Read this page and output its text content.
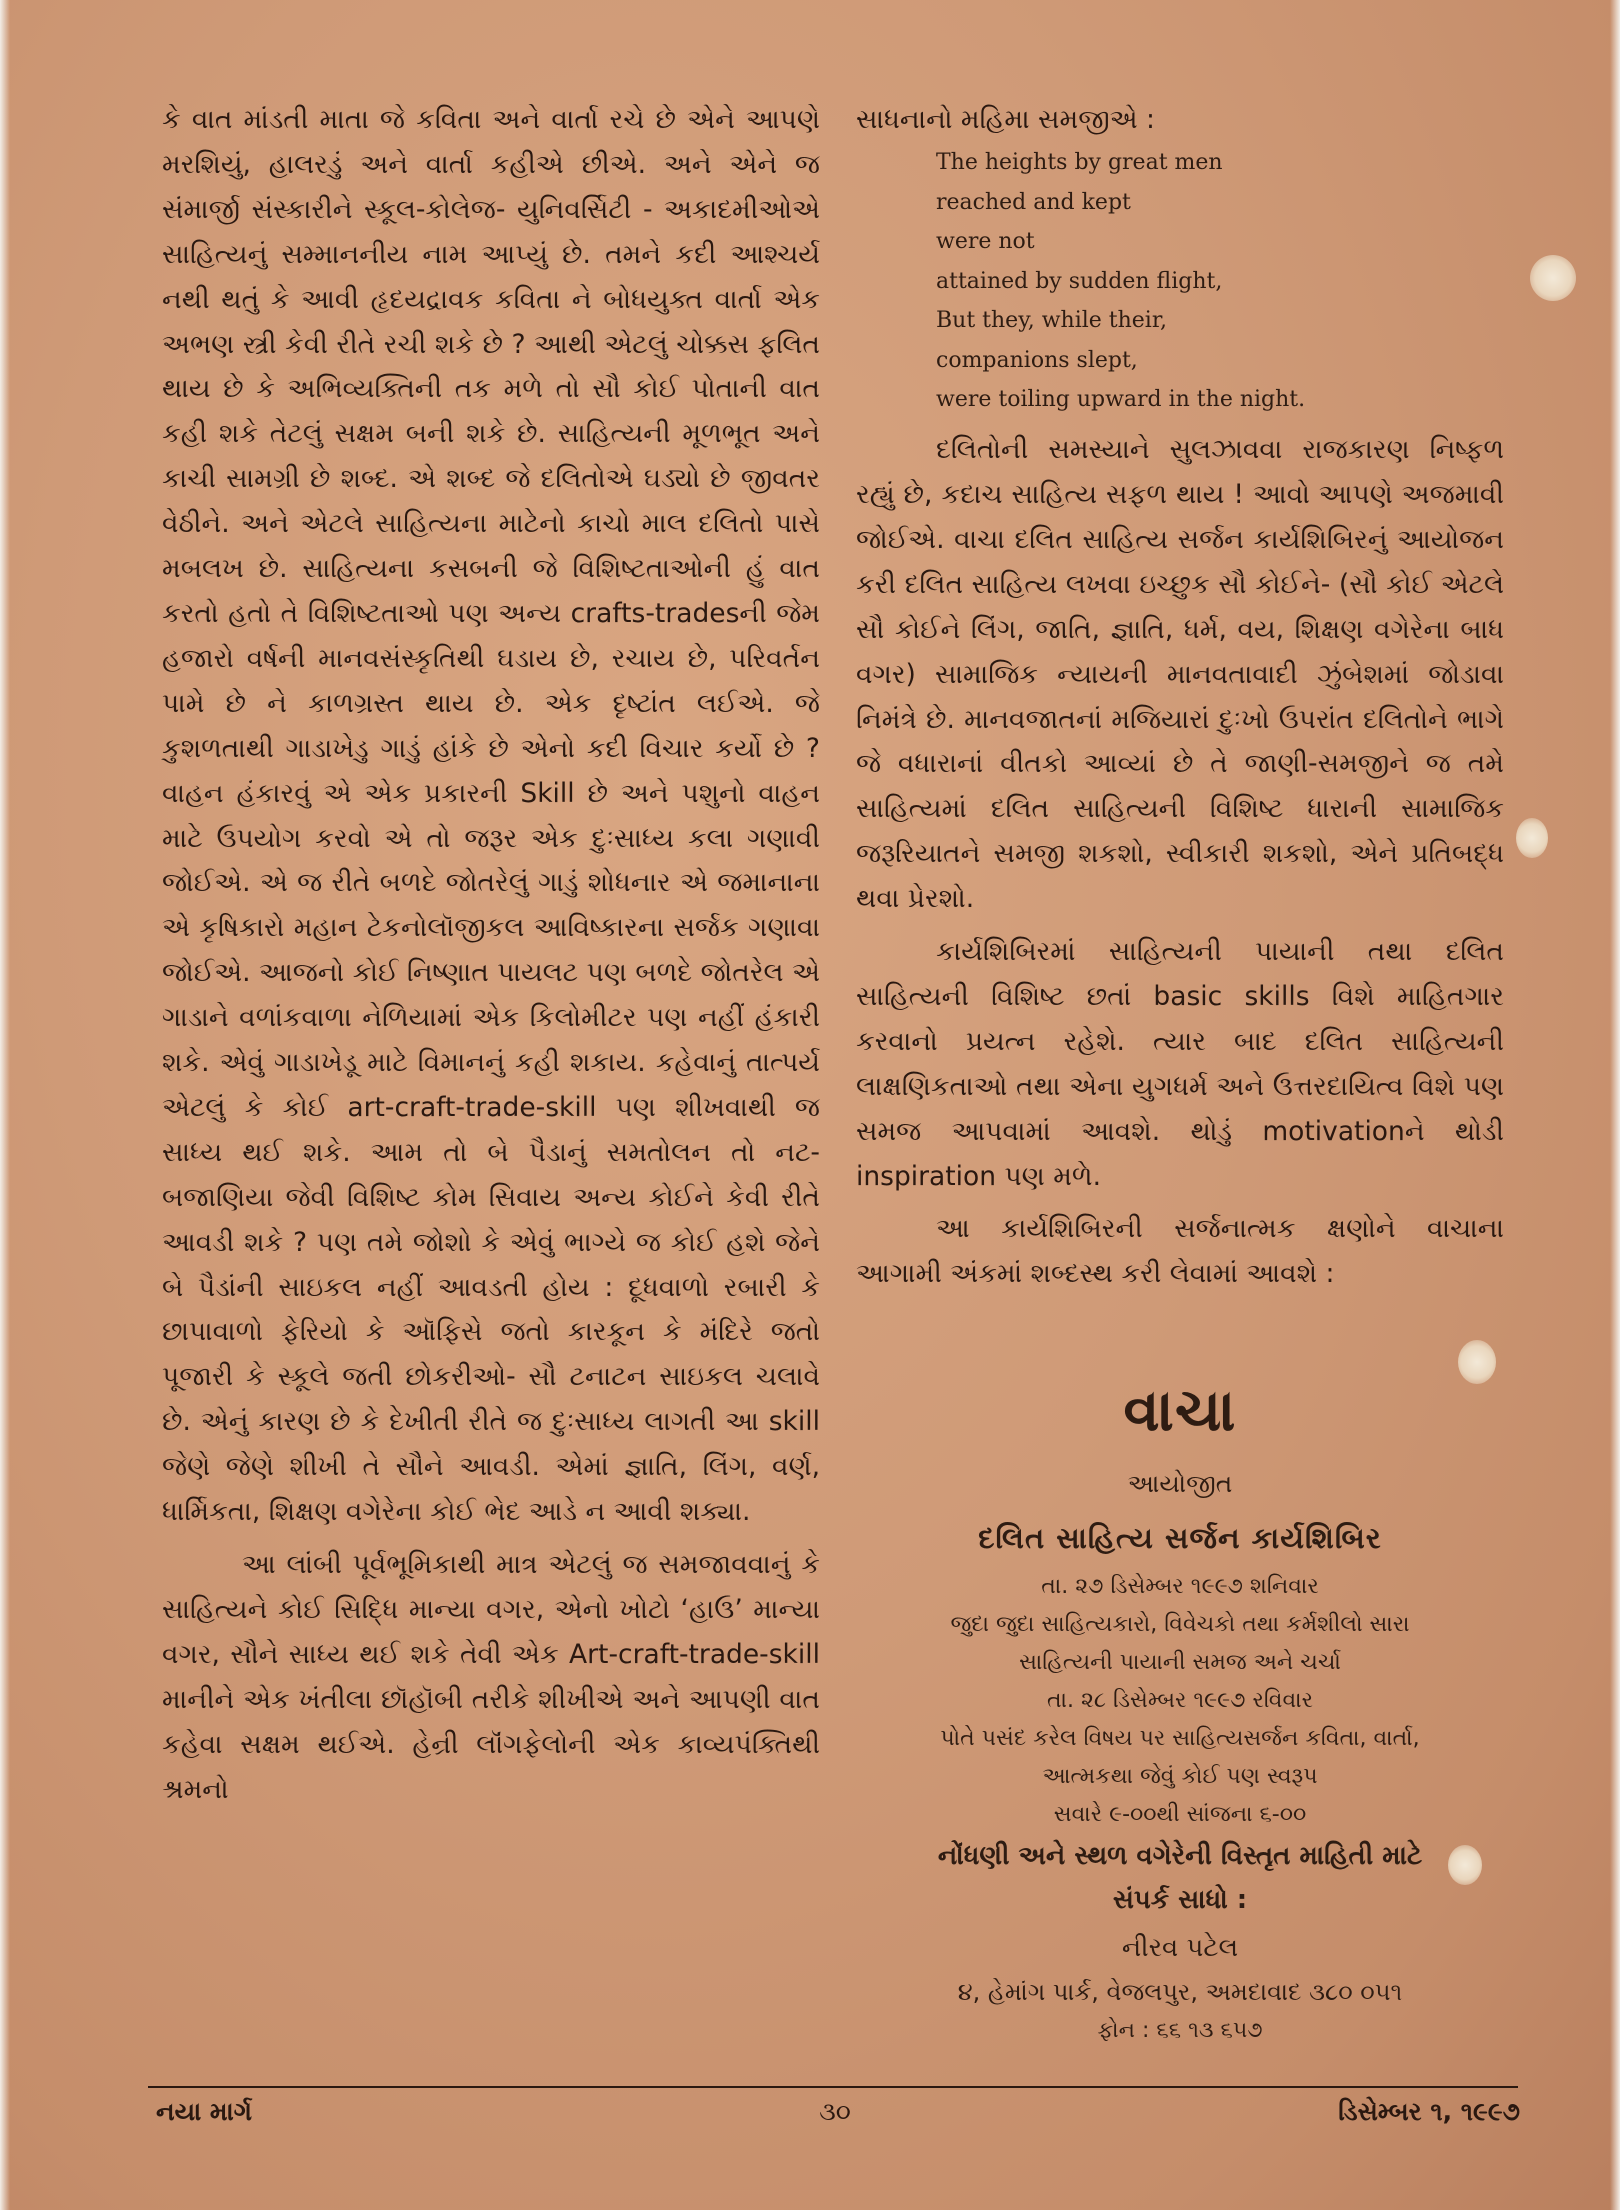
કે વાત માંડતી માતા જે કવિતા અને વાર્તા રચે છે એને આપણે મરશિયું, હાલરડું અને વાર્તા કહીએ છીએ. અને એને જ સંમાર્જી સંસ્કારીને સ્કૂલ-કોલેજ- યુનિવર્સિટી - અકાદમીઓએ સાહિત્યનું સમ્માનનીય નામ આપ્યું છે. તમને કદી આશ્ચર્ય નથી થતું કે આવી હૃદયદ્રાવક કવિતા ને બોધયુક્ત વાર્તા એક અભણ સ્ત્રી કેવી રીતે રચી શકે છે ? આથી એટલું ચોક્કસ ફલિત થાય છે કે અભિવ્યક્તિની તક મળે તો સૌ કોઈ પોતાની વાત કહી શકે તેટલું સક્ષમ બની શકે છે. સાહિત્યની મૂળભૂત અને કાચી સામગ્રી છે શબ્દ. એ શબ્દ જે દલિતોએ ઘડ્યો છે જીવતર વેઠીને. અને એટલે સાહિત્યના માટેનો કાચો માલ દલિતો પાસે મબલખ છે. સાહિત્યના કસબની જે વિશિષ્ટતાઓની હું વાત કરતો હતો તે વિશિષ્ટતાઓ પણ અન્ય crafts-tradesની જેમ હજારો વર્ષની માનવસંસ્કૃતિથી ઘડાય છે, રચાય છે, પરિવર્તન પામે છે ને કાળગ્રસ્ત થાય છે. એક દૃષ્ટાંત લઈએ. જે કુશળતાથી ગાડાખેડુ ગાડું હાંકે છે એનો કદી વિચાર કર્યો છે ? વાહન હંકારવું એ એક પ્રકારની Skill છે અને પશુનો વાહન માટે ઉપયોગ કરવો એ તો જરૂર એક દુઃસાધ્ય કલા ગણાવી જોઈએ. એ જ રીતે બળદે જોતરેલું ગાડું શોધનાર એ જમાનાના એ કૃષિકારો મહાન ટેકનોલૉજીકલ આવિષ્કારના સર્જક ગણાવા જોઈએ. આજનો કોઈ નિષ્ણાત પાયલટ પણ બળદે જોતરેલ એ ગાડાને વળાંકવાળા નેળિયામાં એક કિલોમીટર પણ નહીં હંકારી શકે. એવું ગાડાખેડૂ માટે વિમાનનું કહી શકાય. કહેવાનું તાત્પર્ય એટલું કે કોઈ art-craft-trade-skill પણ શીખવાથી જ સાધ્ય થઈ શકે. આમ તો બે પૈડાનું સમતોલન તો નટ-બજાણિયા જેવી વિશિષ્ટ કોમ સિવાય અન્ય કોઈને કેવી રીતે આવડી શકે ? પણ તમે જોશો કે એવું ભાગ્યે જ કોઈ હશે જેને બે પૈડાંની સાઇકલ નહીં આવડતી હોય : દૂધવાળો રબારી કે છાપાવાળો ફેરિયો કે ઑફિસે જતો કારકૂન કે મંદિરે જતો પૂજારી કે સ્કૂલે જતી છોકરીઓ- સૌ ટનાટન સાઇકલ ચલાવે છે. એનું કારણ છે કે દેખીતી રીતે જ દુઃસાધ્ય લાગતી આ skill જેણે જેણે શીખી તે સૌને આવડી. એમાં જ્ઞાતિ, લિંગ, વર્ણ, ધાર્મિકતા, શિક્ષણ વગેરેના કોઈ ભેદ આડે ન આવી શક્યા.

આ લાંબી પૂર્વભૂમિકાથી માત્ર એટલું જ સમજાવવાનું કે સાહિત્યને કોઈ સિદ્ધિ માન્યા વગર, એનો ખોટો ‘હાઉ’ માન્યા વગર, સૌને સાધ્ય થઈ શકે તેવી એક Art-craft-trade-skill માનીને એક ખંતીલા છૉહૉબી તરીકે શીખીએ અને આપણી વાત કહેવા સક્ષમ થઈએ. હેન્રી લૉંગફેલોની એક કાવ્યપંક્તિથી શ્રમનો

સાધનાનો મહિમા સમજીએ :

The heights by great men
reached and kept
were not
attained by sudden flight,
But they, while their,
companions slept,
were toiling upward in the night.

દલિતોની સમસ્યાને સુલઝાવવા રાજકારણ નિષ્ફળ રહ્યું છે, કદાચ સાહિત્ય સફળ થાય ! આવો આપણે અજમાવી જોઈએ. વાચા દલિત સાહિત્ય સર્જન કાર્યશિબિરનું આયોજન કરી દલિત સાહિત્ય લખવા ઇચ્છુક સૌ કોઈને- (સૌ કોઈ એટલે સૌ કોઈને લિંગ, જાતિ, જ્ઞાતિ, ધર્મ, વય, શિક્ષણ વગેરેના બાધ વગર) સામાજિક ન્યાયની માનવતાવાદી ઝુંબેશમાં જોડાવા નિમંત્રે છે. માનવજાતનાં મજિયારાં દુઃખો ઉપરાંત દલિતોને ભાગે જે વધારાનાં વીતકો આવ્યાં છે તે જાણી-સમજીને જ તમે સાહિત્યમાં દલિત સાહિત્યની વિશિષ્ટ ધારાની સામાજિક જરૂરિયાતને સમજી શકશો, સ્વીકારી શકશો, એને પ્રતિબદ્ધ થવા પ્રેરશો.

કાર્યશિબિરમાં સાહિત્યની પાયાની તથા દલિત સાહિત્યની વિશિષ્ટ છતાં basic skills વિશે માહિતગાર કરવાનો પ્રયત્ન રહેશે. ત્યાર બાદ દલિત સાહિત્યની લાક્ષણિકતાઓ તથા એના યુગધર્મ અને ઉત્તરદાયિત્વ વિશે પણ સમજ આપવામાં આવશે. થોડું motivationને થોડી inspiration પણ મળે.

આ કાર્યશિબિરની સર્જનાત્મક ક્ષણોને વાચાના આગામી અંકમાં શબ્દસ્થ કરી લેવામાં આવશે :

વાચા
આયોજીત
દલિત સાહિત્ય સર્જન કાર્યશિબિર
તા. ૨૭ ડિસેમ્બર ૧૯૯૭ શનિવાર
જુદા જુદા સાહિત્યકારો, વિવેચકો તથા કર્મશીલો સારા
સાહિત્યની પાયાની સમજ અને ચર્ચા
તા. ૨૮ ડિસેમ્બર ૧૯૯૭ રવિવાર
પોતે પસંદ કરેલ વિષય પર સાહિત્યસર્જન કવિતા, વાર્તા,
આત્મકથા જેવું કોઈ પણ સ્વરૂપ
સવારે ૯-૦૦થી સાંજના ૬-૦૦
નોંધણી અને સ્થળ વગેરેની વિસ્તૃત માહિતી માટે
સંપર્ક સાધો :
નીરવ પટેલ
૪, હેમાંગ પાર્ક, વેજલપુર, અમદાવાદ ૩૮૦ ૦૫૧
ફોન : ૬૬ ૧૩ ૬૫૭
નયા માર્ગ	૩૦	ડિસેમ્બર ૧, ૧૯૯૭
